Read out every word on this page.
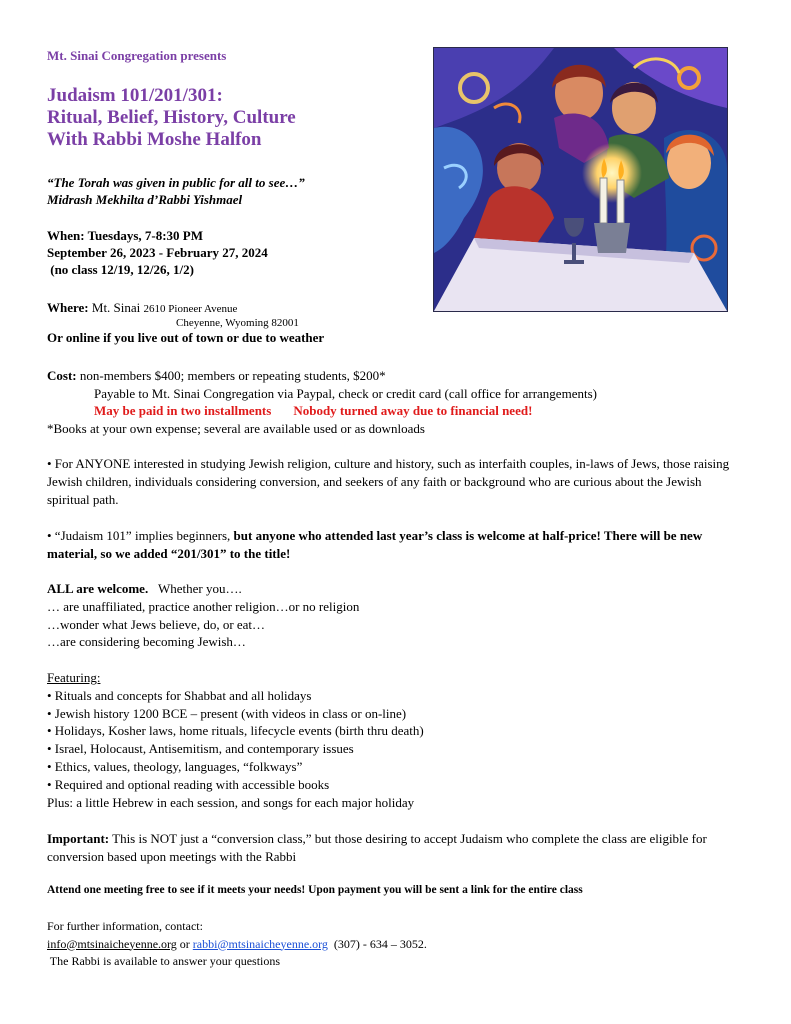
Mt. Sinai Congregation presents
Judaism 101/201/301:
Ritual, Belief, History, Culture
With Rabbi Moshe Halfon
“The Torah was given in public for all to see…”
Midrash Mekhilta d’Rabbi Yishmael
When: Tuesdays, 7-8:30 PM
September 26, 2023 - February 27, 2024
(no class 12/19, 12/26, 1/2)
Where: Mt. Sinai 2610 Pioneer Avenue
Cheyenne, Wyoming 82001
Or online if you live out of town or due to weather
Cost: non-members $400; members or repeating students, $200*
Payable to Mt. Sinai Congregation via Paypal, check or credit card (call office for arrangements)
May be paid in two installments Nobody turned away due to financial need!
*Books at your own expense; several are available used or as downloads
• For ANYONE interested in studying Jewish religion, culture and history, such as interfaith couples, in-laws of Jews, those raising Jewish children, individuals considering conversion, and seekers of any faith or background who are curious about the Jewish spiritual path.
• “Judaism 101” implies beginners, but anyone who attended last year’s class is welcome at half-price! There will be new material, so we added “201/301” to the title!
ALL are welcome. Whether you….
… are unaffiliated, practice another religion…or no religion
…wonder what Jews believe, do, or eat…
…are considering becoming Jewish…
Featuring:
• Rituals and concepts for Shabbat and all holidays
• Jewish history 1200 BCE – present (with videos in class or on-line)
• Holidays, Kosher laws, home rituals, lifecycle events (birth thru death)
• Israel, Holocaust, Antisemitism, and contemporary issues
• Ethics, values, theology, languages, “folkways”
• Required and optional reading with accessible books
Plus: a little Hebrew in each session, and songs for each major holiday
Important: This is NOT just a “conversion class,” but those desiring to accept Judaism who complete the class are eligible for conversion based upon meetings with the Rabbi
Attend one meeting free to see if it meets your needs! Upon payment you will be sent a link for the entire class
For further information, contact:
info@mtsinaicheyenne.org or rabbi@mtsinaicheyenne.org  (307) - 634 – 3052.
The Rabbi is available to answer your questions
